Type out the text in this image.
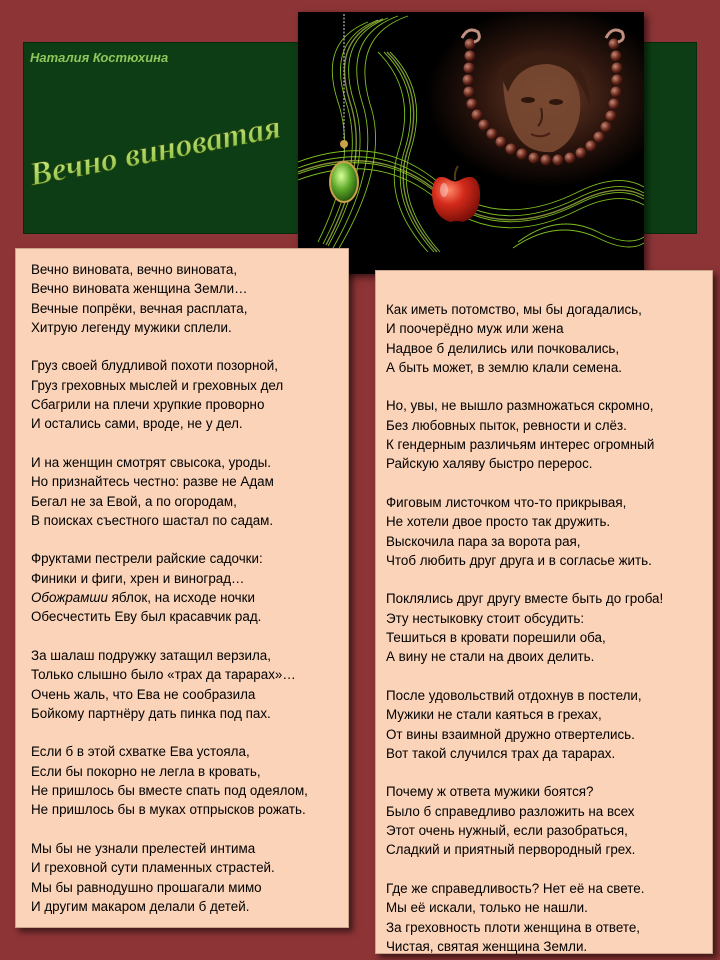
Наталия Костюхина
Вечно виноватая
Вечно виновата, вечно виновата,
Вечно виновата женщина Земли…
Вечные попрёки, вечная расплата,
Хитрую легенду мужики сплели.
Груз своей блудливой похоти позорной,
Груз греховных мыслей и греховных дел
Сбагрили на плечи хрупкие проворно
И остались сами, вроде, не у дел.
И на женщин смотрят свысока, уроды.
Но признайтесь честно: разве не Адам
Бегал не за Евой, а по огородам,
В поисках съестного шастал по садам.
Фруктами пестрели райские садочки:
Финики и фиги, хрен и виноград…
Обожрамши яблок, на исходе ночки
Обесчестить Еву был красавчик рад.
За шалаш подружку затащил верзила,
Только слышно было «трах да тарарах»…
Очень жаль, что Ева не сообразила
Бойкому партнёру дать пинка под пах.
Если б в этой схватке Ева устояла,
Если бы покорно не легла в кровать,
Не пришлось бы вместе спать под одеялом,
Не пришлось бы в муках отпрысков рожать.
Мы бы не узнали прелестей интима
И греховной сути пламенных страстей.
Мы бы равнодушно прошагали мимо
И другим макаром делали б детей.
Как иметь потомство, мы бы догадались,
И поочерёдно муж или жена
Надвое б делились или почковались,
А быть может, в землю клали семена.
Но, увы, не вышло размножаться скромно,
Без любовных пыток, ревности и слёз.
К гендерным различьям интерес огромный
Райскую халяву быстро перерос.
Фиговым листочком что-то прикрывая,
Не хотели двое просто так дружить.
Выскочила пара за ворота рая,
Чтоб любить друг друга и в согласье жить.
Поклялись друг другу вместе быть до гроба!
Эту нестыковку стоит обсудить:
Тешиться в кровати порешили оба,
А вину не стали на двоих делить.
После удовольствий отдохнув в постели,
Мужики не стали каяться в грехах,
От вины взаимной дружно отвертелись.
Вот такой случился трах да тарарах.
Почему ж ответа мужики боятся?
Было б справедливо разложить на всех
Этот очень нужный, если разобраться,
Сладкий и приятный первородный грех.
Где же справедливость? Нет её на свете.
Мы её искали, только не нашли.
За греховность плоти женщина в ответе,
Чистая, святая женщина Земли.
